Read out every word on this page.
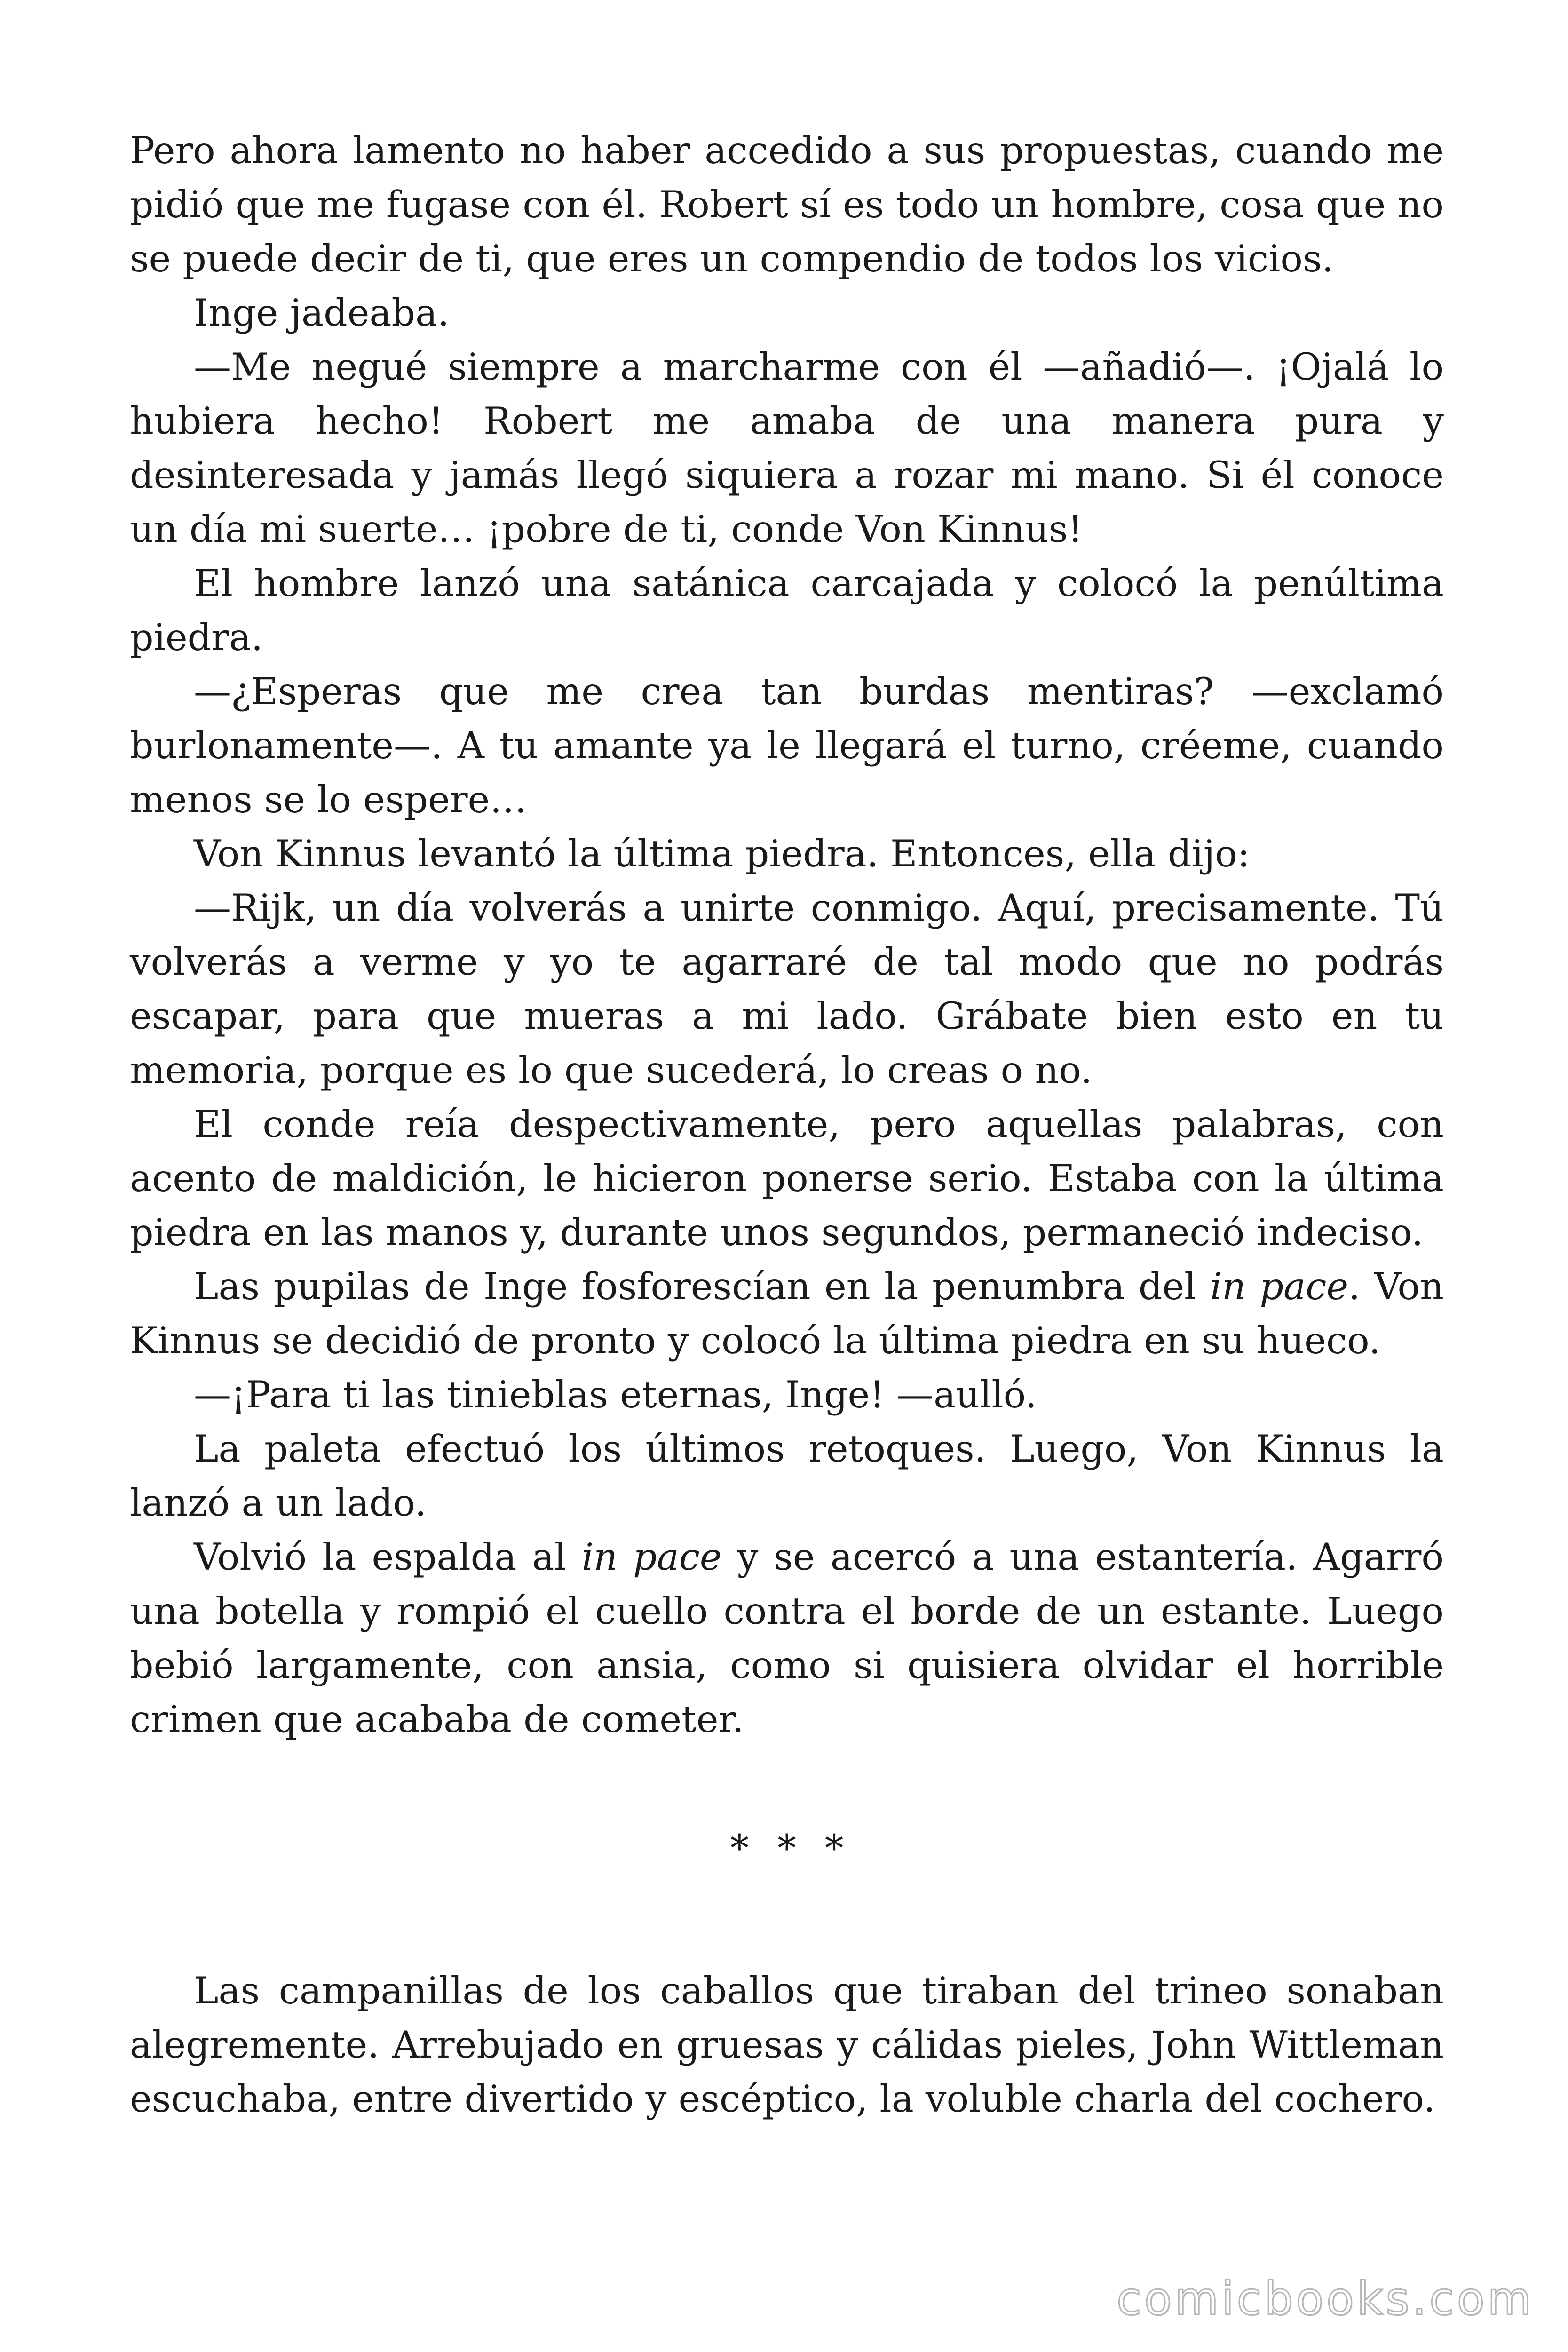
Pero ahora lamento no haber accedido a sus propuestas, cuando me pidió que me fugase con él. Robert sí es todo un hombre, cosa que no se puede decir de ti, que eres un compendio de todos los vicios.

Inge jadeaba.

—Me negué siempre a marcharme con él —añadió—. ¡Ojalá lo hubiera hecho! Robert me amaba de una manera pura y desinteresada y jamás llegó siquiera a rozar mi mano. Si él conoce un día mi suerte… ¡pobre de ti, conde Von Kinnus!

El hombre lanzó una satánica carcajada y colocó la penúltima piedra.

—¿Esperas que me crea tan burdas mentiras? —exclamó burlonamente—. A tu amante ya le llegará el turno, créeme, cuando menos se lo espere…

Von Kinnus levantó la última piedra. Entonces, ella dijo:

—Rijk, un día volverás a unirte conmigo. Aquí, precisamente. Tú volverás a verme y yo te agarraré de tal modo que no podrás escapar, para que mueras a mi lado. Grábate bien esto en tu memoria, porque es lo que sucederá, lo creas o no.

El conde reía despectivamente, pero aquellas palabras, con acento de maldición, le hicieron ponerse serio. Estaba con la última piedra en las manos y, durante unos segundos, permaneció indeciso.

Las pupilas de Inge fosforescían en la penumbra del in pace. Von Kinnus se decidió de pronto y colocó la última piedra en su hueco.

—¡Para ti las tinieblas eternas, Inge! —aulló.

La paleta efectuó los últimos retoques. Luego, Von Kinnus la lanzó a un lado.

Volvió la espalda al in pace y se acercó a una estantería. Agarró una botella y rompió el cuello contra el borde de un estante. Luego bebió largamente, con ansia, como si quisiera olvidar el horrible crimen que acababa de cometer.

* * *

Las campanillas de los caballos que tiraban del trineo sonaban alegremente. Arrebujado en gruesas y cálidas pieles, John Wittleman escuchaba, entre divertido y escéptico, la voluble charla del cochero.

comicbooks.com
